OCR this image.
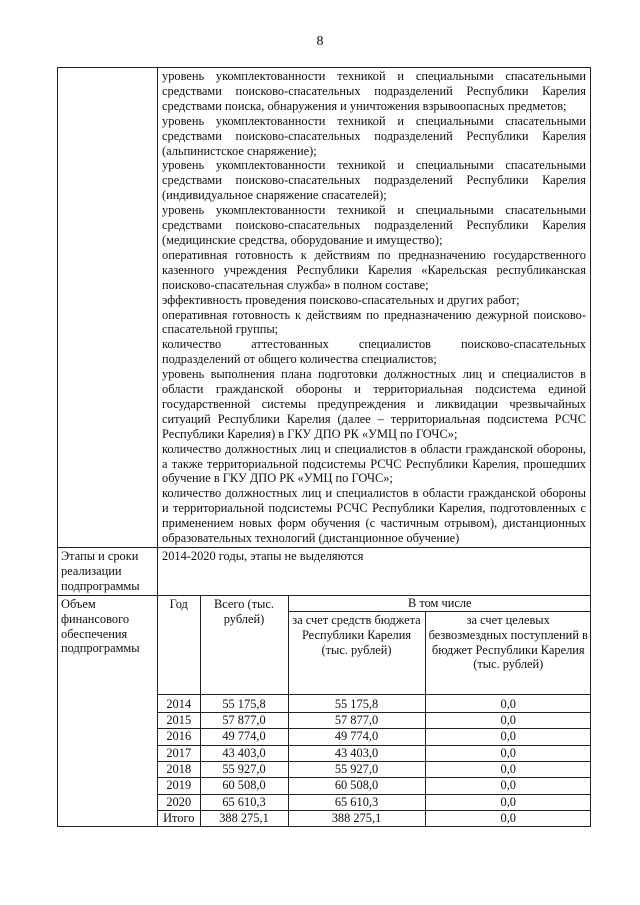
8

уровень укомплектованности техникой и специальными спасательными средствами поисково-спасательных подразделений Республики Карелия средствами поиска, обнаружения и уничтожения взрывоопасных предметов;

уровень укомплектованности техникой и специальными спасательными средствами поисково-спасательных подразделений Республики Карелия (альпинистское снаряжение);

уровень укомплектованности техникой и специальными спасательными средствами поисково-спасательных подразделений Республики Карелия (индивидуальное снаряжение спасателей);

уровень укомплектованности техникой и специальными спасательными средствами поисково-спасательных подразделений Республики Карелия (медицинские средства, оборудование и имущество);

оперативная готовность к действиям по предназначению государственного казенного учреждения Республики Карелия «Карельская республиканская поисково-спасательная служба» в полном составе;

эффективность проведения поисково-спасательных и других работ;

оперативная готовность к действиям по предназначению дежурной поисково-спасательной группы;

количество аттестованных специалистов поисково-спасательных подразделений от общего количества специалистов;

уровень выполнения плана подготовки должностных лиц и специалистов в области гражданской обороны и территориальная подсистема единой государственной системы предупреждения и ликвидации чрезвычайных ситуаций Республики Карелия (далее – территориальная подсистема РСЧС Республики Карелия) в ГКУ ДПО РК «УМЦ по ГОЧС»;

количество должностных лиц и специалистов в области гражданской обороны, а также территориальной подсистемы РСЧС Республики Карелия, прошедших обучение в ГКУ ДПО РК «УМЦ по ГОЧС»;

количество должностных лиц и специалистов в области гражданской обороны и территориальной подсистемы РСЧС Республики Карелия, подготовленных с применением новых форм обучения (с частичным отрывом), дистанционных образовательных технологий (дистанционное обучение)

Этапы и сроки реализации подпрограммы	2014-2020 годы, этапы не выделяются
Объем финансового обеспечения подпрограммы	
Год	Всего (тыс. рублей)	В том числе
за счет средств бюджета Республики Карелия (тыс. рублей)	за счет целевых безвозмездных поступлений в бюджет Республики Карелия (тыс. рублей)
2014	55 175,8	55 175,8	0,0
2015	57 877,0	57 877,0	0,0
2016	49 774,0	49 774,0	0,0
2017	43 403,0	43 403,0	0,0
2018	55 927,0	55 927,0	0,0
2019	60 508,0	60 508,0	0,0
2020	65 610,3	65 610,3	0,0
Итого	388 275,1	388 275,1	0,0
